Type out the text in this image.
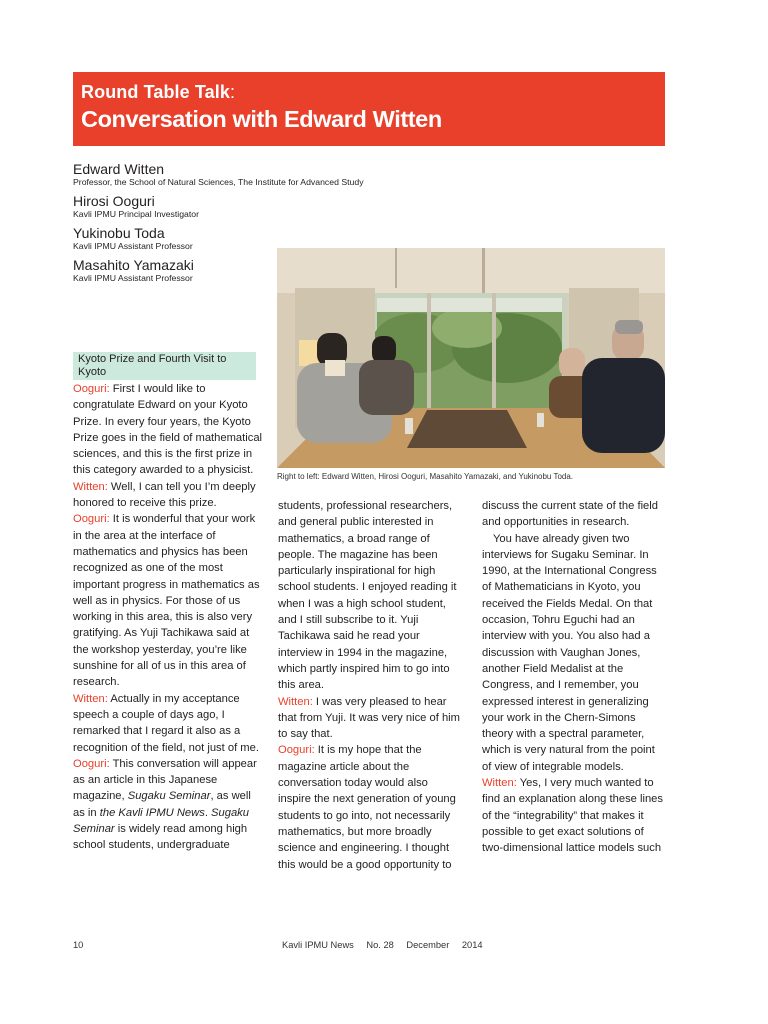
Round Table Talk:
Conversation with Edward Witten
Edward Witten
Professor, the School of Natural Sciences, The Institute for Advanced Study
Hirosi Ooguri
Kavli IPMU Principal Investigator
Yukinobu Toda
Kavli IPMU Assistant Professor
Masahito Yamazaki
Kavli IPMU Assistant Professor
Right to left: Edward Witten, Hirosi Ooguri, Masahito Yamazaki, and Yukinobu Toda.
Kyoto Prize and Fourth Visit to Kyoto

Ooguri: First I would like to congratulate Edward on your Kyoto Prize. In every four years, the Kyoto Prize goes in the field of mathematical sciences, and this is the first prize in this category awarded to a physicist.

Witten: Well, I can tell you I’m deeply honored to receive this prize.

Ooguri: It is wonderful that your work in the area at the interface of mathematics and physics has been recognized as one of the most important progress in mathematics as well as in physics. For those of us working in this area, this is also very gratifying. As Yuji Tachikawa said at the workshop yesterday, you’re like sunshine for all of us in this area of research.

Witten: Actually in my acceptance speech a couple of days ago, I remarked that I regard it also as a recognition of the field, not just of me.

Ooguri: This conversation will appear as an article in this Japanese magazine, Sugaku Seminar, as well as in the Kavli IPMU News. Sugaku Seminar is widely read among high school students, undergraduate

students, professional researchers, and general public interested in mathematics, a broad range of people. The magazine has been particularly inspirational for high school students. I enjoyed reading it when I was a high school student, and I still subscribe to it. Yuji Tachikawa said he read your interview in 1994 in the magazine, which partly inspired him to go into this area.

Witten: I was very pleased to hear that from Yuji. It was very nice of him to say that.

Ooguri: It is my hope that the magazine article about the conversation today would also inspire the next generation of young students to go into, not necessarily mathematics, but more broadly science and engineering. I thought this would be a good opportunity to

discuss the current state of the field and opportunities in research.

You have already given two interviews for Sugaku Seminar. In 1990, at the International Congress of Mathematicians in Kyoto, you received the Fields Medal. On that occasion, Tohru Eguchi had an interview with you. You also had a discussion with Vaughan Jones, another Field Medalist at the Congress, and I remember, you expressed interest in generalizing your work in the Chern-Simons theory with a spectral parameter, which is very natural from the point of view of integrable models.

Witten: Yes, I very much wanted to find an explanation along these lines of the “integrability” that makes it possible to get exact solutions of two-dimensional lattice models such

10	Kavli IPMU News No. 28 December 2014
